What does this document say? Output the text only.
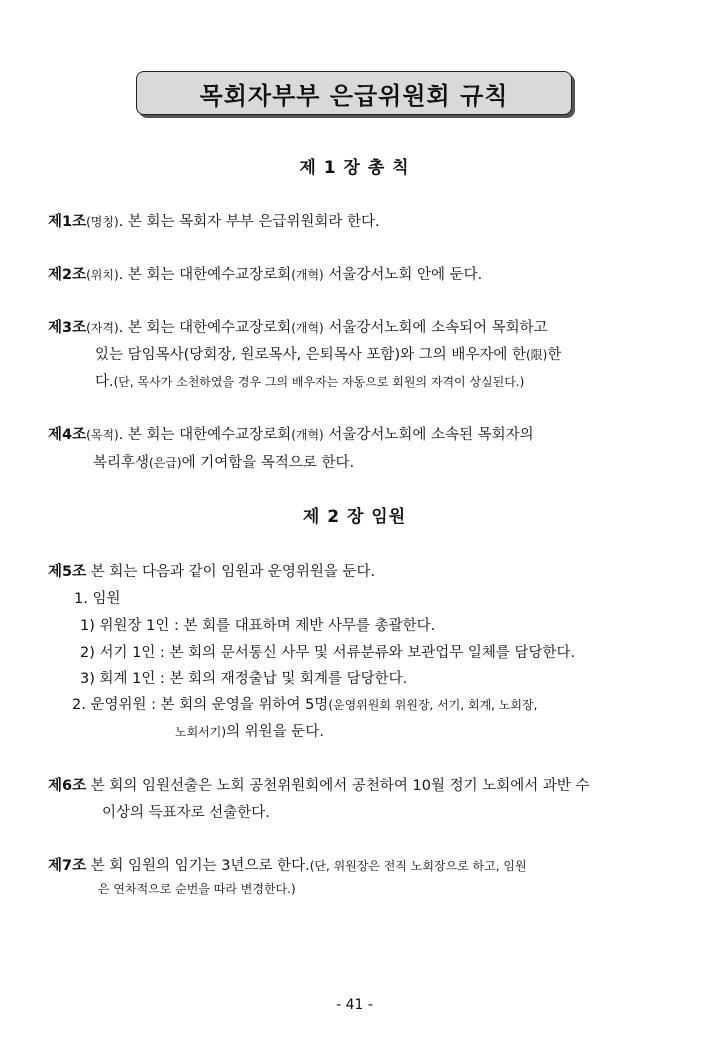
목회자부부 은급위원회 규칙
제 1 장 총 칙
제1조(명칭). 본 회는 목회자 부부 은급위원회라 한다.
제2조(위치). 본 회는 대한예수교장로회(개혁) 서울강서노회 안에 둔다.
제3조(자격). 본 회는 대한예수교장로회(개혁) 서울강서노회에 소속되어 목회하고
있는 담임목사(당회장, 원로목사, 은퇴목사 포함)와 그의 배우자에 한(限)한
다.(단, 목사가 소천하였을 경우 그의 배우자는 자동으로 회원의 자격이 상실된다.)
제4조(목적). 본 회는 대한예수교장로회(개혁) 서울강서노회에 소속된 목회자의
복리후생(은급)에 기여함을 목적으로 한다.
제 2 장 임원
제5조 본 회는 다음과 같이 임원과 운영위원을 둔다.
1. 임원
1) 위원장 1인 : 본 회를 대표하며 제반 사무를 총괄한다.
2) 서기 1인 : 본 회의 문서통신 사무 및 서류분류와 보관업무 일체를 담당한다.
3) 회계 1인 : 본 회의 재정출납 및 회계를 담당한다.
2. 운영위원 : 본 회의 운영을 위하여 5명(운영위원회 위원장, 서기, 회계, 노회장,
노회서기)의 위원을 둔다.
제6조 본 회의 임원선출은 노회 공천위원회에서 공천하여 10월 정기 노회에서 과반 수
이상의 득표자로 선출한다.
제7조 본 회 임원의 임기는 3년으로 한다.(단, 위원장은 전직 노회장으로 하고, 임원
은 연차적으로 순번을 따라 변경한다.)
- 41 -
